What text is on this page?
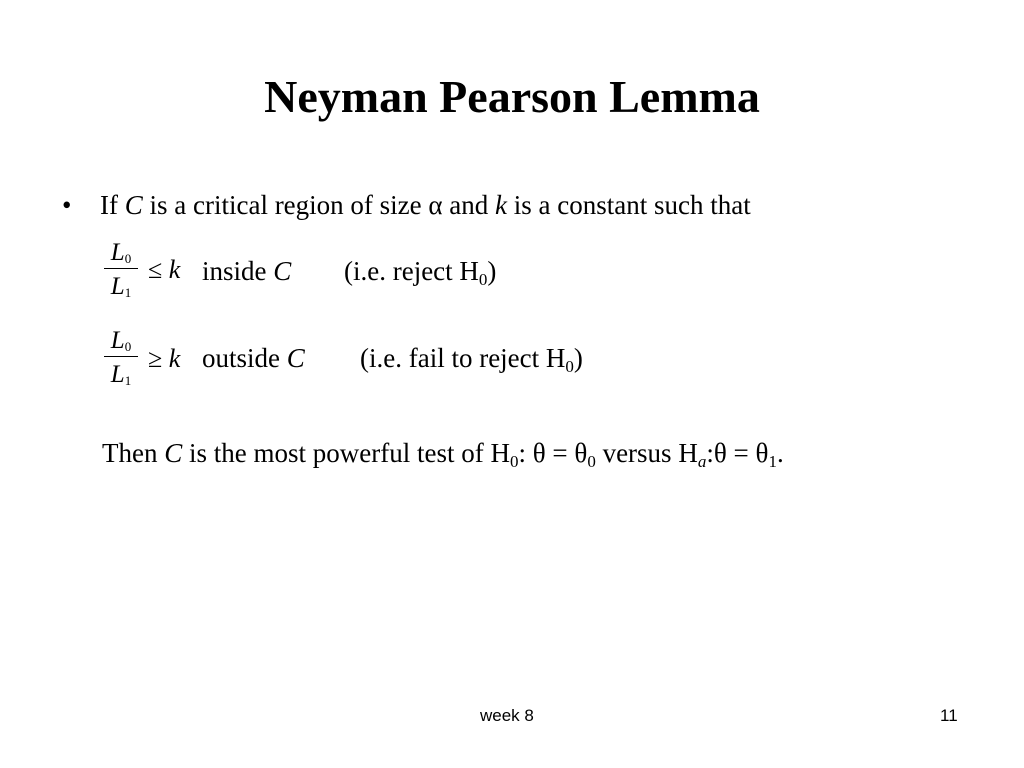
Neyman Pearson Lemma
• If C is a critical region of size α and k is a constant such that
L0
L1
≤ k inside C (i.e. reject $H_0$)
L0
L1
≥ k outside C (i.e. fail to reject $H_0$)
Then C is the most powerful test of $H_0$: $\theta = \theta_0$ versus $H_a:\theta = \theta_1$.
week 8	11
